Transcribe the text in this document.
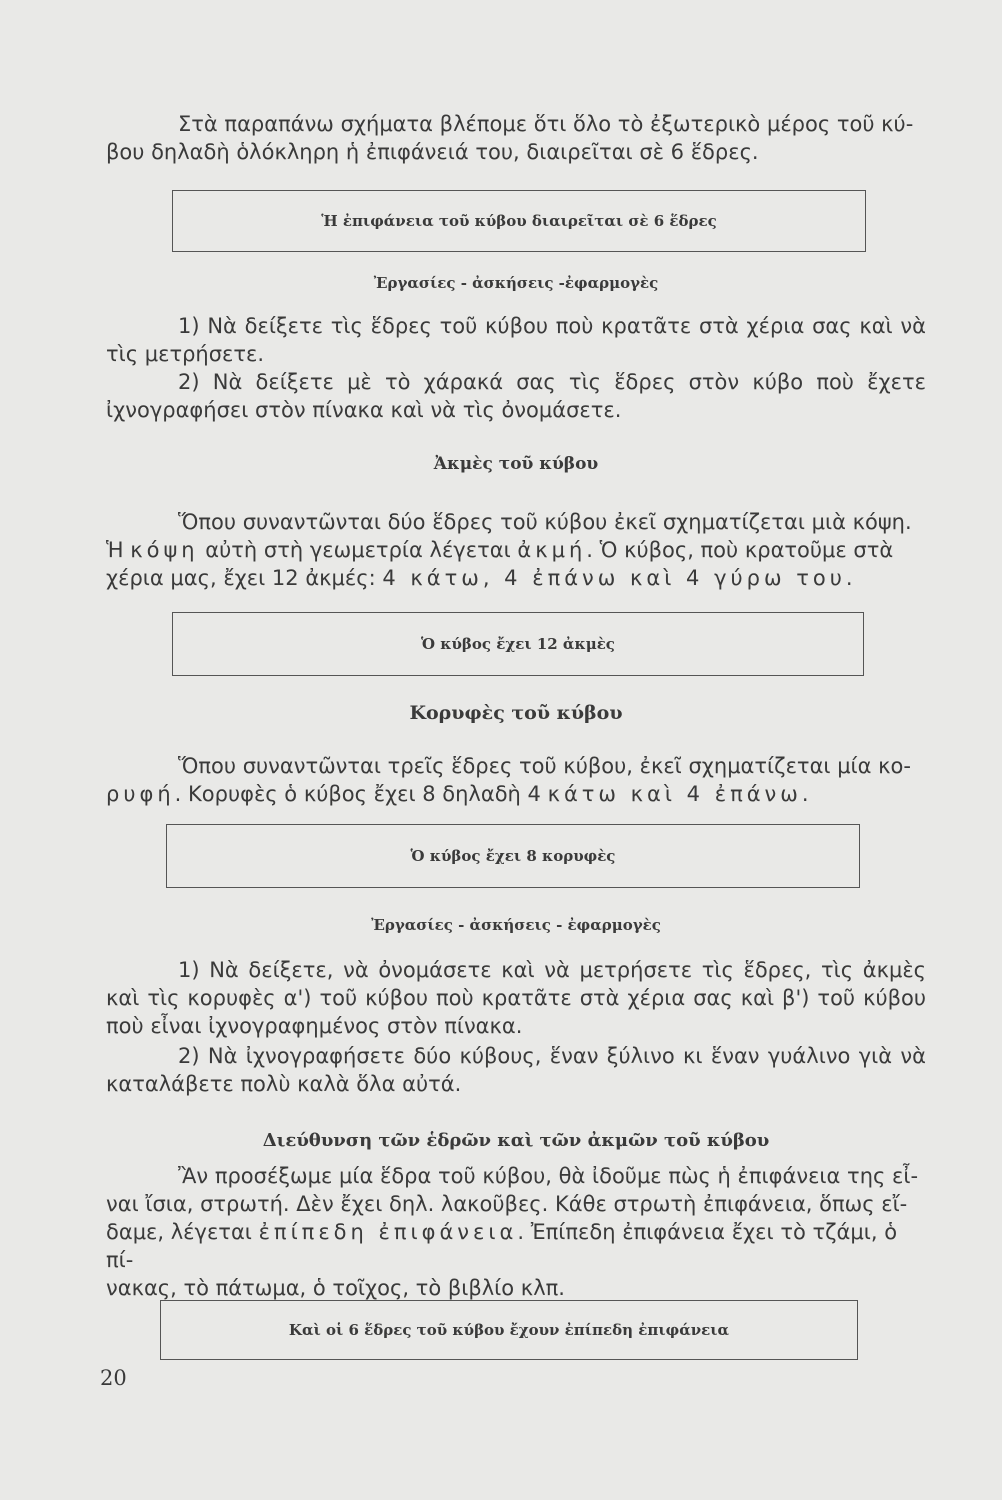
Στὰ παραπάνω σχήματα βλέπομε ὅτι ὅλο τὸ ἐξωτερικὸ μέρος τοῦ κύ-
βου δηλαδὴ ὁλόκληρη ἡ ἐπιφάνειά του, διαιρεῖται σὲ 6 ἕδρες.

Ἡ ἐπιφάνεια τοῦ κύβου διαιρεῖται σὲ 6 ἕδρες

Ἐργασίες - ἀσκήσεις -ἐφαρμογὲς

1) Νὰ δείξετε τὶς ἕδρες τοῦ κύβου ποὺ κρατᾶτε στὰ χέρια σας καὶ νὰ τὶς μετρήσετε.

2) Νὰ δείξετε μὲ τὸ χάρακά σας τὶς ἕδρες στὸν κύβο ποὺ ἔχετε ἰχνογραφήσει στὸν πίνακα καὶ νὰ τὶς ὀνομάσετε.

Ἀκμὲς τοῦ κύβου

Ὅπου συναντῶνται δύο ἕδρες τοῦ κύβου ἐκεῖ σχηματίζεται μιὰ κόψη.
Ἡ κόψη αὐτὴ στὴ γεωμετρία λέγεται ἀκμή. Ὁ κύβος, ποὺ κρατοῦμε στὰ
χέρια μας, ἔχει 12 ἀκμές: 4 κάτω, 4 ἐπάνω καὶ 4 γύρω του.
Ὁ κύβος ἔχει 12 ἀκμὲς

Κορυφὲς τοῦ κύβου

Ὅπου συναντῶνται τρεῖς ἕδρες τοῦ κύβου, ἐκεῖ σχηματίζεται μία κο-
ρυφή. Κορυφὲς ὁ κύβος ἔχει 8 δηλαδὴ 4 κάτω καὶ 4 ἐπάνω.
Ὁ κύβος ἔχει 8 κορυφὲς

Ἐργασίες - ἀσκήσεις - ἐφαρμογὲς

1) Νὰ δείξετε, νὰ ὀνομάσετε καὶ νὰ μετρήσετε τὶς ἕδρες, τὶς ἀκμὲς καὶ τὶς κορυφὲς α') τοῦ κύβου ποὺ κρατᾶτε στὰ χέρια σας καὶ β') τοῦ κύβου ποὺ εἶναι ἰχνογραφημένος στὸν πίνακα.

2) Νὰ ἰχνογραφήσετε δύο κύβους, ἕναν ξύλινο κι ἕναν γυάλινο γιὰ νὰ καταλάβετε πολὺ καλὰ ὅλα αὐτά.

Διεύθυνση τῶν ἑδρῶν καὶ τῶν ἀκμῶν τοῦ κύβου

Ἂν προσέξωμε μία ἕδρα τοῦ κύβου, θὰ ἰδοῦμε πὼς ἡ ἐπιφάνεια της εἶ-
ναι ἴσια, στρωτή. Δὲν ἔχει δηλ. λακοῦβες. Κάθε στρωτὴ ἐπιφάνεια, ὅπως εἴ-
δαμε, λέγεται ἐπίπεδη ἐπιφάνεια. Ἐπίπεδη ἐπιφάνεια ἔχει τὸ τζάμι, ὁ πί-
νακας, τὸ πάτωμα, ὁ τοῖχος, τὸ βιβλίο κλπ.
Καὶ οἱ 6 ἕδρες τοῦ κύβου ἔχουν ἐπίπεδη ἐπιφάνεια
20
